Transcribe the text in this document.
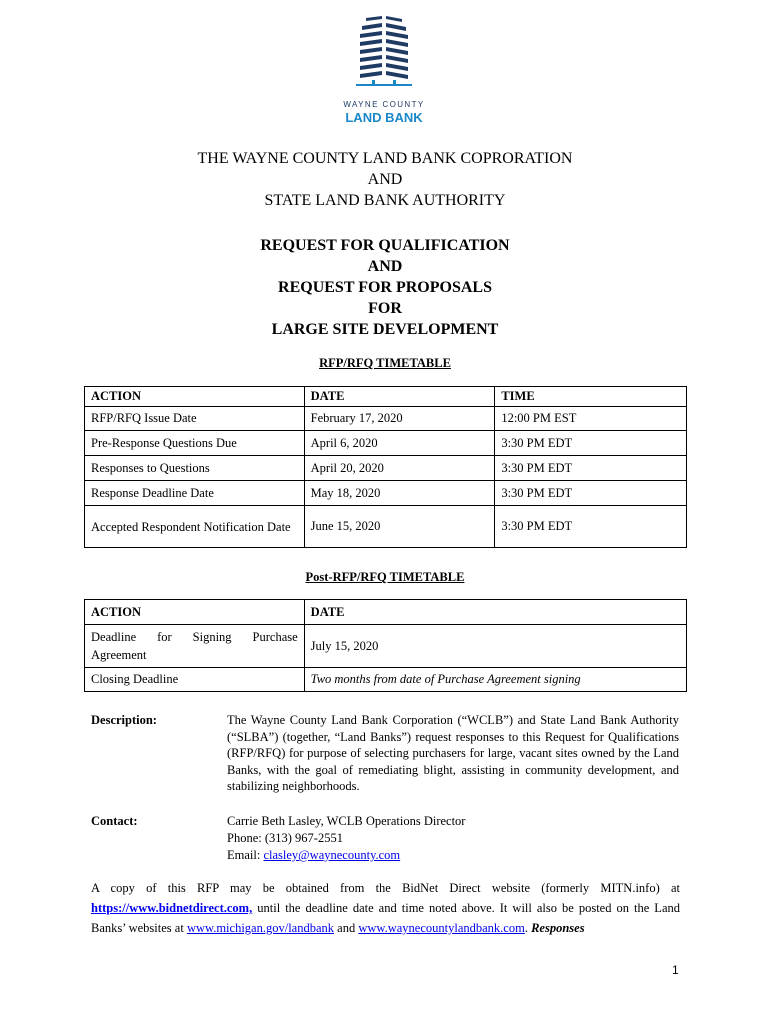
WAYNE COUNTY
LAND BANK
THE WAYNE COUNTY LAND BANK COPRORATION
AND
STATE LAND BANK AUTHORITY
REQUEST FOR QUALIFICATION
AND
REQUEST FOR PROPOSALS
FOR
LARGE SITE DEVELOPMENT
RFP/RFQ TIMETABLE
ACTION	DATE	TIME
RFP/RFQ Issue Date	February 17, 2020	12:00 PM EST
Pre-Response Questions Due	April 6, 2020	3:30 PM EDT
Responses to Questions	April 20, 2020	3:30 PM EDT
Response Deadline Date	May 18, 2020	3:30 PM EDT
Accepted Respondent Notification Date	June 15, 2020	3:30 PM EDT
Post-RFP/RFQ TIMETABLE
ACTION	DATE
Deadline for Signing Purchase Agreement	July 15, 2020
Closing Deadline	Two months from date of Purchase Agreement signing
Description:	The Wayne County Land Bank Corporation (“WCLB”) and State Land Bank Authority (“SLBA”) (together, “Land Banks”) request responses to this Request for Qualifications (RFP/RFQ) for purpose of selecting purchasers for large, vacant sites owned by the Land Banks, with the goal of remediating blight, assisting in community development, and stabilizing neighborhoods.
Contact:	Carrie Beth Lasley, WCLB Operations Director
Phone: (313) 967-2551
Email: clasley@waynecounty.com
A copy of this RFP may be obtained from the BidNet Direct website (formerly MITN.info) at https://www.bidnetdirect.com, until the deadline date and time noted above. It will also be posted on the Land Banks’ websites at www.michigan.gov/landbank and www.waynecountylandbank.com. Responses
1
